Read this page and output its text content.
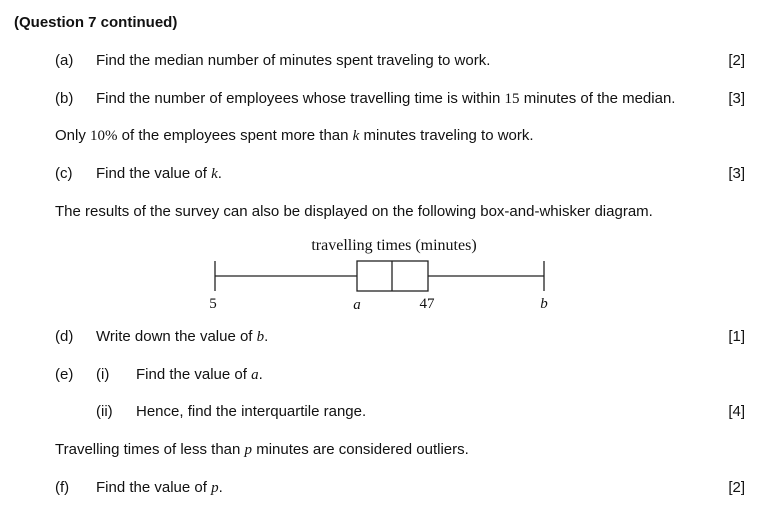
(Question 7 continued)
(a) Find the median number of minutes spent traveling to work.	[2]
(b) Find the number of employees whose travelling time is within 15 minutes of the median.	[3]
Only 10% of the employees spent more than k minutes traveling to work.
(c) Find the value of k.	[3]
The results of the survey can also be displayed on the following box-and-whisker diagram.
travelling times (minutes)
5	a	47	b
(d) Write down the value of b.	[1]
(e) (i) Find the value of a.
(ii) Hence, find the interquartile range.	[4]
Travelling times of less than p minutes are considered outliers.
(f) Find the value of p.	[2]
